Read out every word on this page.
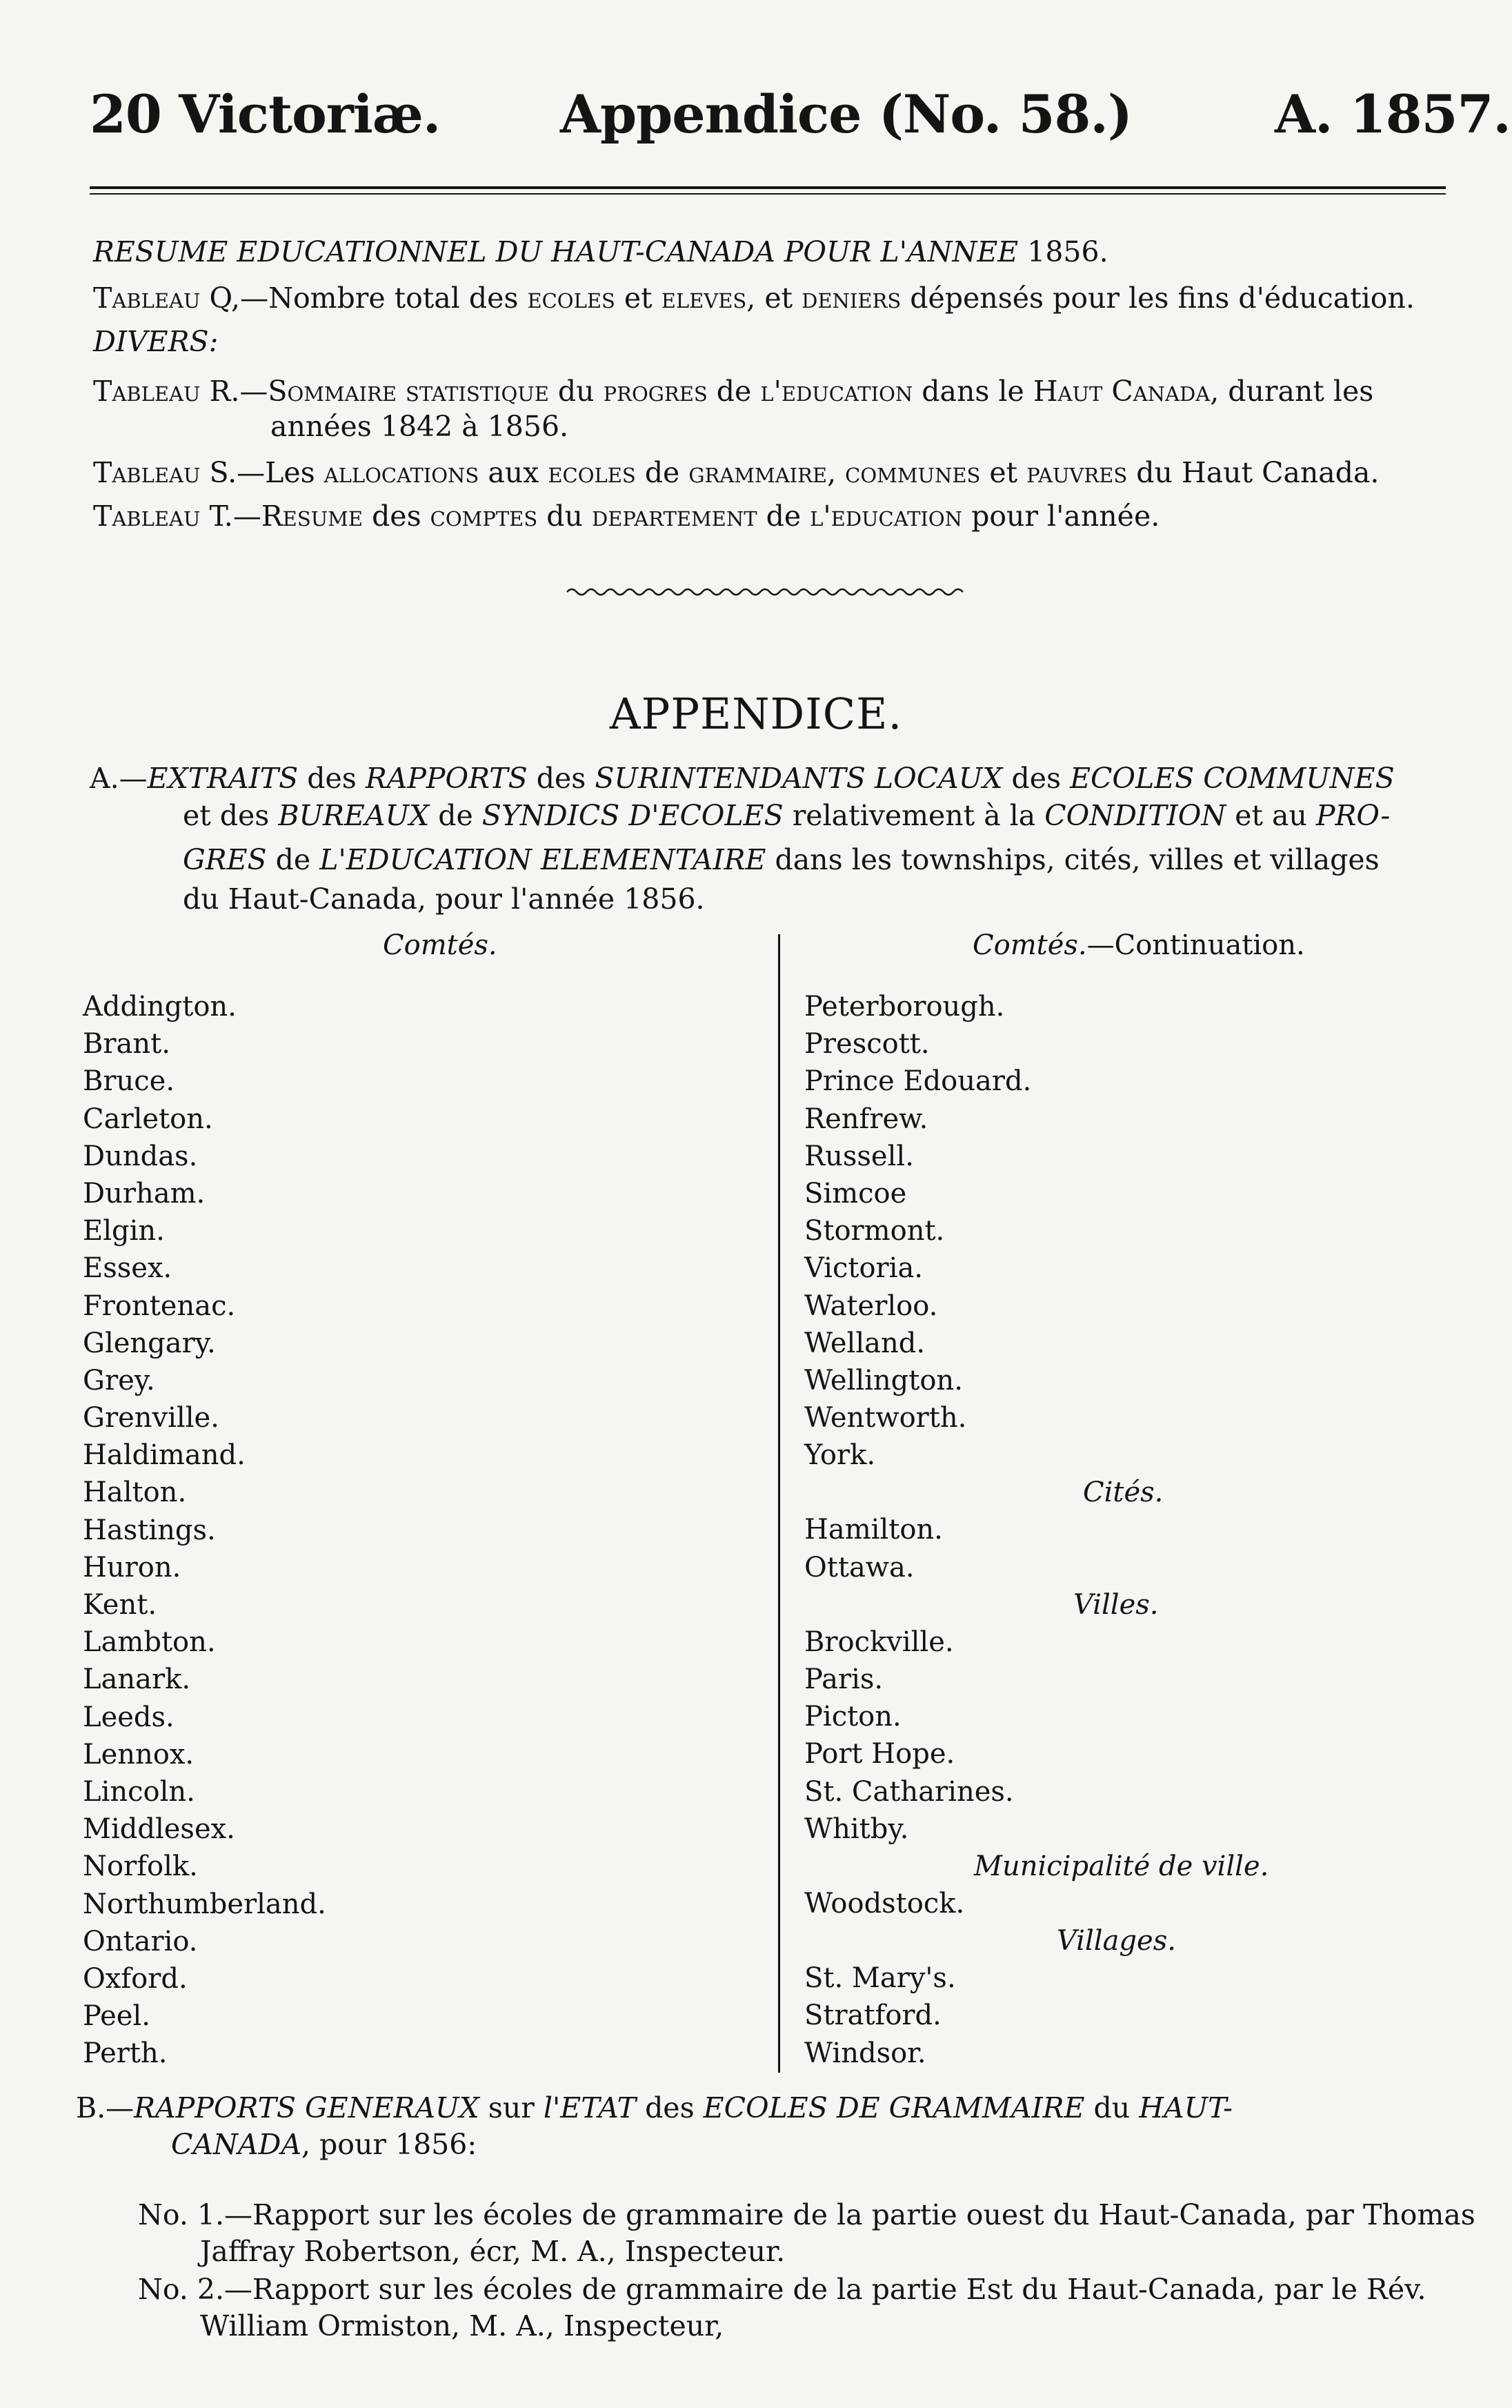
20 Victoriæ. Appendice (No. 58.)	A. 1857.
RESUME EDUCATIONNEL DU HAUT-CANADA POUR L'ANNEE 1856.
Tableau Q,—Nombre total des ecoles et eleves, et deniers dépensés pour les fins d'éducation.
DIVERS:
Tableau R.—Sommaire statistique du progres de l'education dans le Haut Canada, durant les
années 1842 à 1856.
Tableau S.—Les allocations aux ecoles de grammaire, communes et pauvres du Haut Canada.
Tableau T.—Resume des comptes du departement de l'education pour l'année.
APPENDICE.
A.—EXTRAITS des RAPPORTS des SURINTENDANTS LOCAUX des ECOLES COMMUNES
et des BUREAUX de SYNDICS D'ECOLES relativement à la CONDITION et au PRO-
GRES de L'EDUCATION ELEMENTAIRE dans les townships, cités, villes et villages
du Haut-Canada, pour l'année 1856.
Comtés.	Comtés.—Continuation.
Addington.
Brant.
Bruce.
Carleton.
Dundas.
Durham.
Elgin.
Essex.
Frontenac.
Glengary.
Grey.
Grenville.
Haldimand.
Halton.
Hastings.
Huron.
Kent.
Lambton.
Lanark.
Leeds.
Lennox.
Lincoln.
Middlesex.
Norfolk.
Northumberland.
Ontario.
Oxford.
Peel.
Perth.
Peterborough.
Prescott.
Prince Edouard.
Renfrew.
Russell.
Simcoe
Stormont.
Victoria.
Waterloo.
Welland.
Wellington.
Wentworth.
York.
Cités.
Hamilton.
Ottawa.
Villes.
Brockville.
Paris.
Picton.
Port Hope.
St. Catharines.
Whitby.
Municipalité de ville.
Woodstock.
Villages.
St. Mary's.
Stratford.
Windsor.
B.—RAPPORTS GENERAUX sur l'ETAT des ECOLES DE GRAMMAIRE du HAUT-
CANADA, pour 1856:
No. 1.—Rapport sur les écoles de grammaire de la partie ouest du Haut-Canada, par Thomas
Jaffray Robertson, écr, M. A., Inspecteur.
No. 2.—Rapport sur les écoles de grammaire de la partie Est du Haut-Canada, par le Rév.
William Ormiston, M. A., Inspecteur,
